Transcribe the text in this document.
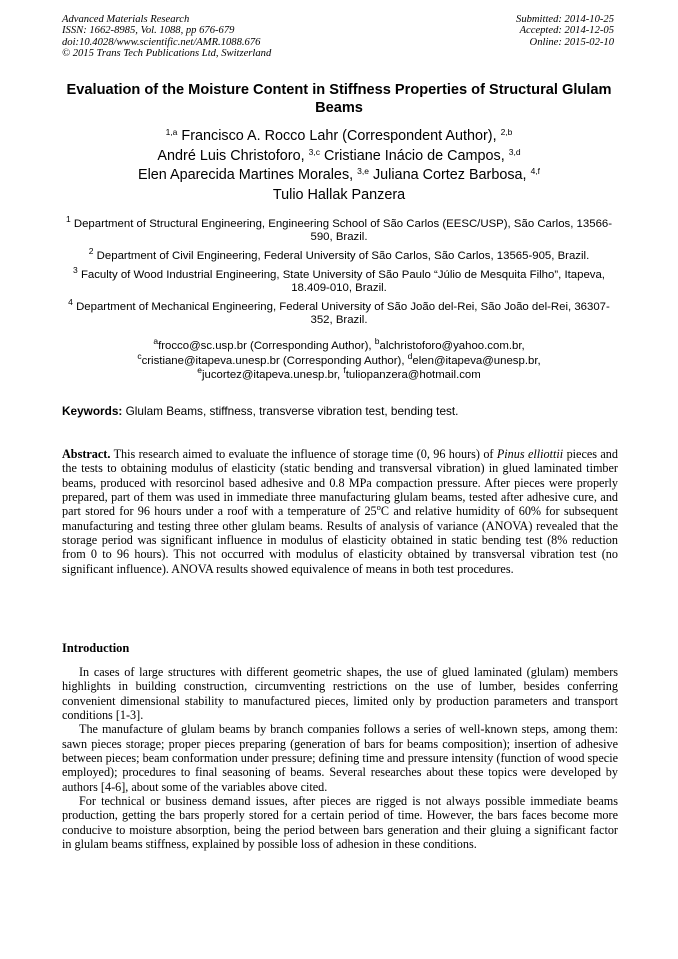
Advanced Materials Research
ISSN: 1662-8985, Vol. 1088, pp 676-679
doi:10.4028/www.scientific.net/AMR.1088.676
© 2015 Trans Tech Publications Ltd, Switzerland
Submitted: 2014-10-25
Accepted: 2014-12-05
Online: 2015-02-10
Evaluation of the Moisture Content in Stiffness Properties of Structural Glulam Beams
$^{1,a}$ Francisco A. Rocco Lahr (Correspondent Author), $^{2,b}$
André Luis Christoforo, $^{3,c}$ Cristiane Inácio de Campos, $^{3,d}$
Elen Aparecida Martines Morales, $^{3,e}$ Juliana Cortez Barbosa, $^{4,f}$
Tulio Hallak Panzera
$^1$ Department of Structural Engineering, Engineering School of São Carlos (EESC/USP), São Carlos, 13566-590, Brazil.
$^2$ Department of Civil Engineering, Federal University of São Carlos, São Carlos, 13565-905, Brazil.
$^3$ Faculty of Wood Industrial Engineering, State University of São Paulo “Júlio de Mesquita Filho”, Itapeva, 18.409-010, Brazil.
$^4$ Department of Mechanical Engineering, Federal University of São João del-Rei, São João del-Rei, 36307-352, Brazil.
$^a$frocco@sc.usp.br (Corresponding Author), $^b$alchristoforo@yahoo.com.br,
$^c$cristiane@itapeva.unesp.br (Corresponding Author), $^d$elen@itapeva@unesp.br,
$^e$jucortez@itapeva.unesp.br, $^f$tuliopanzera@hotmail.com
Keywords: Glulam Beams, stiffness, transverse vibration test, bending test.
Abstract. This research aimed to evaluate the influence of storage time (0, 96 hours) of Pinus elliottii pieces and the tests to obtaining modulus of elasticity (static bending and transversal vibration) in glued laminated timber beams, produced with resorcinol based adhesive and 0.8 MPa compaction pressure. After pieces were properly prepared, part of them was used in immediate three manufacturing glulam beams, tested after adhesive cure, and part stored for 96 hours under a roof with a temperature of 25$^o$C and relative humidity of 60% for subsequent manufacturing and testing three other glulam beams. Results of analysis of variance (ANOVA) revealed that the storage period was significant influence in modulus of elasticity obtained in static bending test (8% reduction from 0 to 96 hours). This not occurred with modulus of elasticity obtained by transversal vibration test (no significant influence). ANOVA results showed equivalence of means in both test procedures.
Introduction

In cases of large structures with different geometric shapes, the use of glued laminated (glulam) members highlights in building construction, circumventing restrictions on the use of lumber, besides conferring convenient dimensional stability to manufactured pieces, limited only by production parameters and transport conditions [1-3].

The manufacture of glulam beams by branch companies follows a series of well-known steps, among them: sawn pieces storage; proper pieces preparing (generation of bars for beams composition); insertion of adhesive between pieces; beam conformation under pressure; defining time and pressure intensity (function of wood specie employed); procedures to final seasoning of beams. Several researches about these topics were developed by authors [4-6], about some of the variables above cited.

For technical or business demand issues, after pieces are rigged is not always possible immediate beams production, getting the bars properly stored for a certain period of time. However, the bars faces become more conducive to moisture absorption, being the period between bars generation and their gluing a significant factor in glulam beams stiffness, explained by possible loss of adhesion in these conditions.
